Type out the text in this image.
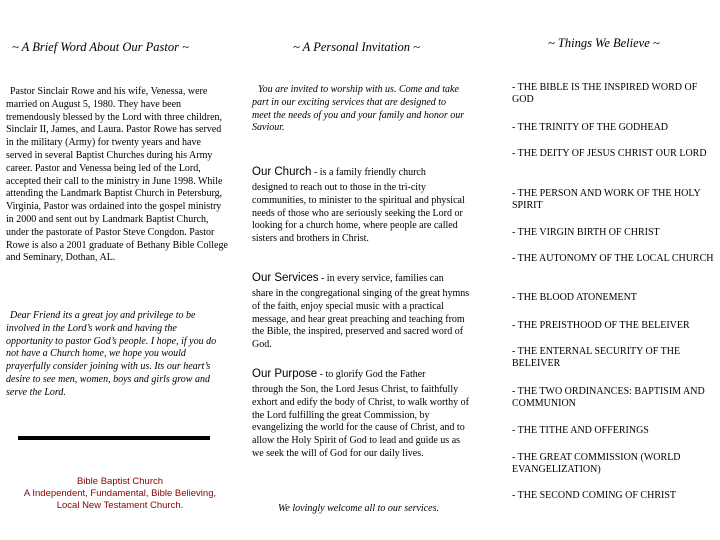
~ A Brief Word About Our Pastor ~

Pastor Sinclair Rowe and his wife, Venessa, were married on August 5, 1980. They have been tremendously blessed by the Lord with three children, Sinclair II, James, and Laura. Pastor Rowe has served in the military (Army) for twenty years and have served in several Baptist Churches during his Army career. Pastor and Venessa being led of the Lord, accepted their call to the ministry in June 1998. While attending the Landmark Baptist Church in Petersburg, Virginia, Pastor was ordained into the gospel ministry in 2000 and sent out by Landmark Baptist Church, under the pastorate of Pastor Steve Congdon. Pastor Rowe is also a 2001 graduate of Bethany Bible College and Seminary, Dothan, AL.

Dear Friend its a great joy and privilege to be involved in the Lord’s work and having the opportunity to pastor God’s people. I hope, if you do not have a Church home, we hope you would prayerfully consider joining with us. Its our heart’s desire to see men, women, boys and girls grow and serve the Lord.

Bible Baptist Church
A Independent, Fundamental, Bible Believing,
Local New Testament Church.
~ A Personal Invitation ~

You are invited to worship with us. Come and take part in our exciting services that are designed to meet the needs of you and your family and honor our Saviour.

Our Church - is a family friendly church

designed to reach out to those in the tri-city communities, to minister to the spiritual and physical needs of those who are seriously seeking the Lord or looking for a church home, where people are called sisters and brothers in Christ.

Our Services - in every service, families can

share in the congregational singing of the great hymns of the faith, enjoy special music with a practical message, and hear great preaching and teaching from the Bible, the inspired, preserved and sacred word of God.

Our Purpose - to glorify God the Father

through the Son, the Lord Jesus Christ, to faithfully exhort and edify the body of Christ, to walk worthy of the Lord fulfilling the great Commission, by evangelizing the world for the cause of Christ, and to allow the Holy Spirit of God to lead and guide us as we seek the will of God for our daily lives.

We lovingly welcome all to our services.

~ Things We Believe ~
- THE BIBLE IS THE INSPIRED WORD OF GOD
- THE TRINITY OF THE GODHEAD
- THE DEITY OF JESUS CHRIST OUR LORD
- THE PERSON AND WORK OF THE HOLY SPIRIT
- THE VIRGIN BIRTH OF CHRIST
- THE AUTONOMY OF THE LOCAL CHURCH
- THE BLOOD ATONEMENT
- THE PREISTHOOD OF THE BELEIVER
- THE ENTERNAL SECURITY OF THE BELEIVER
- THE TWO ORDINANCES: BAPTISIM AND COMMUNION
- THE TITHE AND OFFERINGS
- THE GREAT COMMISSION (WORLD EVANGELIZATION)
- THE SECOND COMING OF CHRIST
